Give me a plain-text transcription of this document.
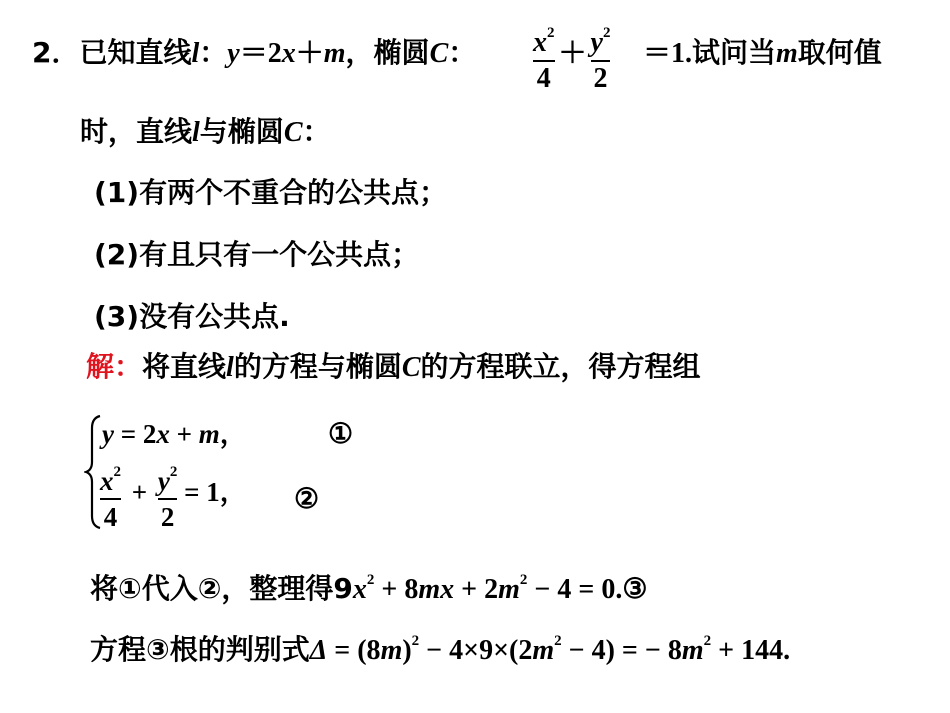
2．已知直线l：y＝2x＋m，椭圆C： $\frac{x^2}{4} + \frac{y^2}{2} =1$.试问当m取何值
时，直线l与椭圆C：
(1)有两个不重合的公共点；
(2)有且只有一个公共点；
(3)没有公共点.
解：将直线l的方程与椭圆C的方程联立，得方程组
y = 2x + m，	①
$\frac{x^2}{4} + \frac{y^2}{2} = 1$， ②
将①代入②，整理得$9x^2 + 8mx + 2m^2 - 4$ = 0.③
方程③根的判别式$\Delta = (8m)^2 - 4\times 9\times(2m^2 - 4)$ = − $8m^2 + 144$.
